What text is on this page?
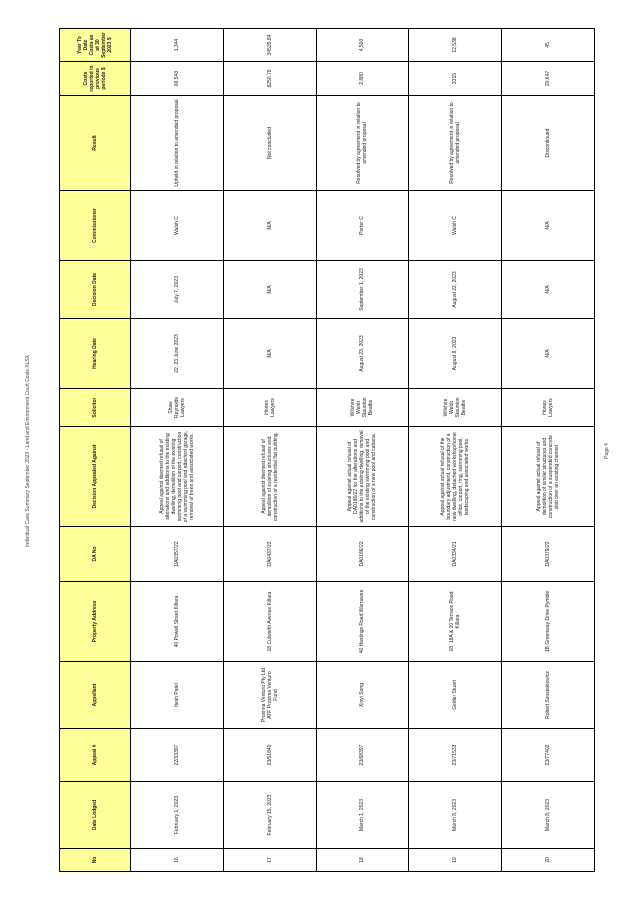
Individual Case Summary September 2023 - Land and Environment Court Costs.XLSX	Page 4
No	Date Lodged	Appeal #	Appellant	Property Address	DA No	Decision Appealed Against	Solicitor	Hearing Date	Decision Date	Commissioner	Result	Costs reported in previous periods $	Year To Date Costs as at 30 September 2023 $
16	February 1, 2023	22/33397	Itesh Patel	40 Powell Street Killara	DA0357/22	Appeal against deemed refusal of alterations and additions to the existing dwelling, demolition of the existing swimming pool and carport, construction of a swimming pool and attached garage, removal of trees and associated works.	Shaw Reynolds Lawyers	22, 23 June 2023	July 7, 2023	Walsh C	Upheld in relation to amended proposal	66,543	1,344
17	February 15, 2023	23/51840	Proxima Venturo Pty Ltd ATF Proxima Venturo Fund	18 Culworth Avenue Killara	DA0437/22	Appeal against deemed refusal of demolition of existing structures and construction of a residential flat building.	Hones Lawyers	N/A	N/A	N/A	Not concluded	8250.79	34535.84
18	March 1, 2023	23/68397	Xinyi Song	46 Hastings Road Warrawee	DA0186/22	Appeal against actual refusal of DA0186/22 for the alterations and additions to the existing dwelling, removal of the existing swimming pool and construction of a new pool and cabana.	Wilshire Webb Staunton Beattie	August 23, 2023	September 1, 2023	Porter C	Resolved by agreement in relation to amended proposal	2,880	4,500
19	March 8, 2023	23/71533	Gelder Stuart	18, 18A & 20 Terrace Road Killara	DA0334/21	Appeal against actual refusal of the boundary adjustment, construction of a new dwelling, detached workshop/home office, carport, ring, swimming pool, landscaping and associated works.	Wilshire Webb Staunton Beattie	August 8, 2023	August 22, 2023	Walsh C	Resolved by agreement in relation to amended proposal	3315	12,538
20	March 8, 2023	23/77402	Robert Szostakiewicz	1B Greenway Drive Pymble	DA0379/22	Appeal against actual refusal of demolition of similar structures and construction of a suspended concrete slab over an existing channel.	Hones Lawyers	N/A	N/A	N/A	Discontinued	20,647	45
